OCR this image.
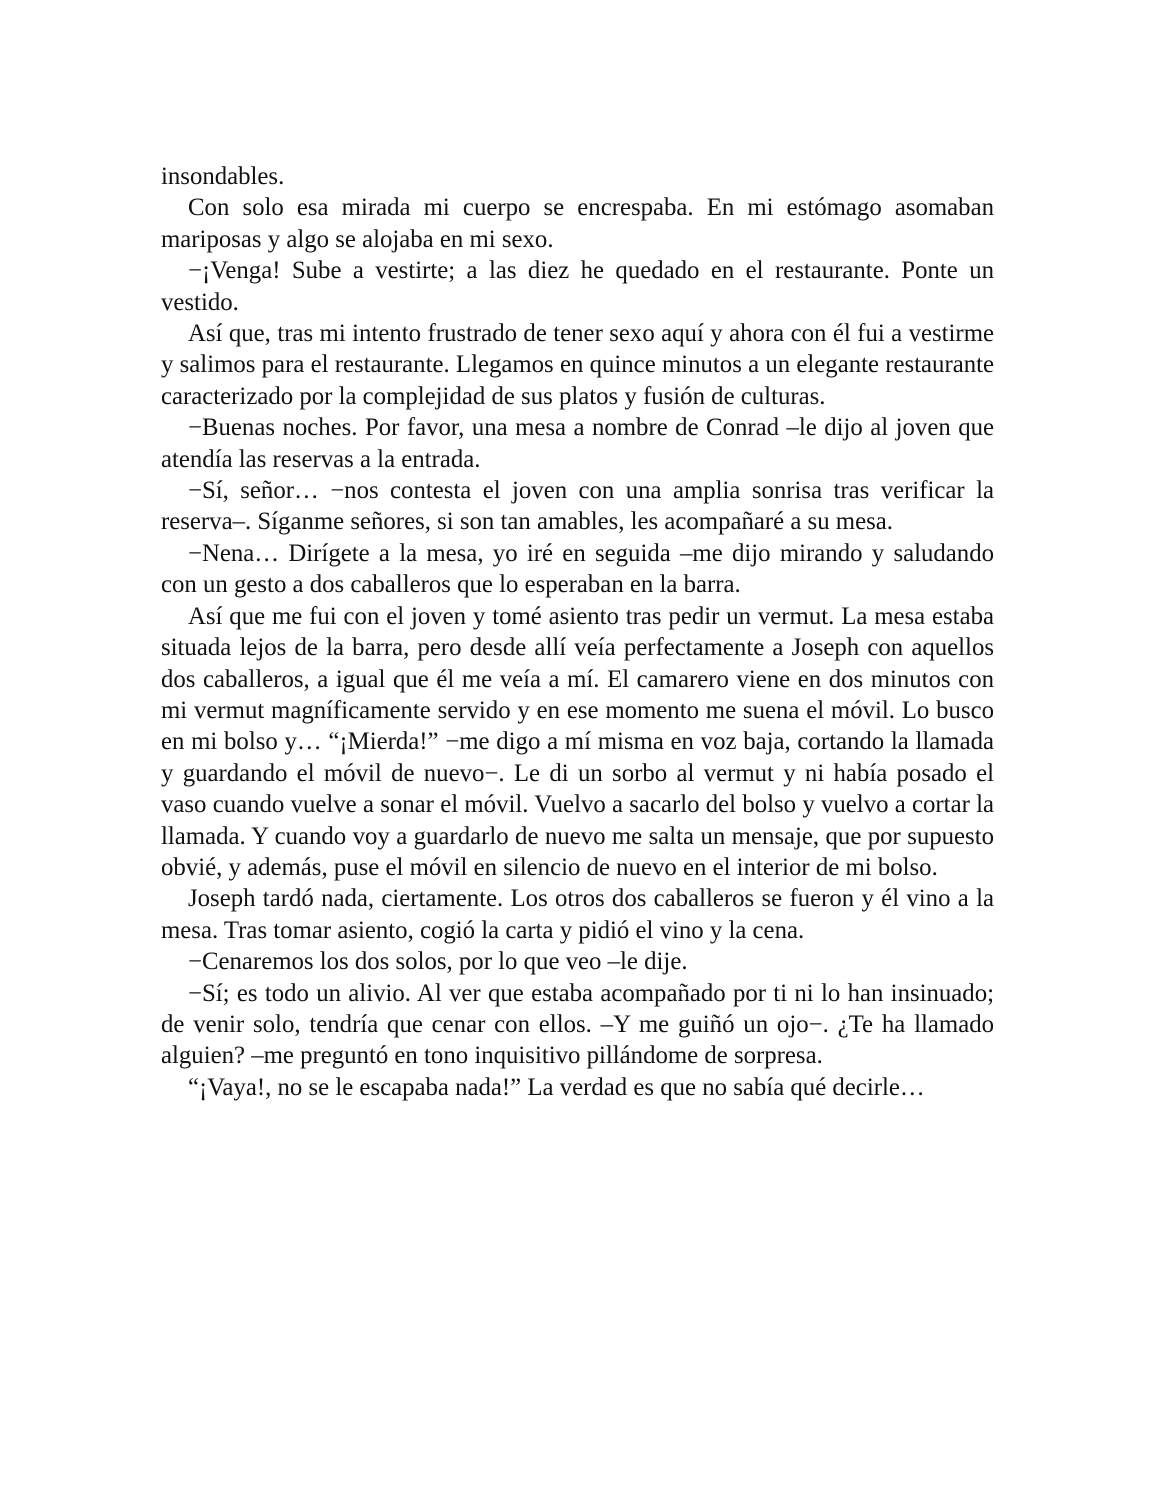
insondables.

Con solo esa mirada mi cuerpo se encrespaba. En mi estómago asomaban mariposas y algo se alojaba en mi sexo.

−¡Venga! Sube a vestirte; a las diez he quedado en el restaurante. Ponte un vestido.

Así que, tras mi intento frustrado de tener sexo aquí y ahora con él fui a vestirme y salimos para el restaurante. Llegamos en quince minutos a un elegante restaurante caracterizado por la complejidad de sus platos y fusión de culturas.

−Buenas noches. Por favor, una mesa a nombre de Conrad –le dijo al joven que atendía las reservas a la entrada.

−Sí, señor… −nos contesta el joven con una amplia sonrisa tras verificar la reserva–. Síganme señores, si son tan amables, les acompañaré a su mesa.

−Nena… Dirígete a la mesa, yo iré en seguida –me dijo mirando y saludando con un gesto a dos caballeros que lo esperaban en la barra.

Así que me fui con el joven y tomé asiento tras pedir un vermut. La mesa estaba situada lejos de la barra, pero desde allí veía perfectamente a Joseph con aquellos dos caballeros, a igual que él me veía a mí. El camarero viene en dos minutos con mi vermut magníficamente servido y en ese momento me suena el móvil. Lo busco en mi bolso y… “¡Mierda!” −me digo a mí misma en voz baja, cortando la llamada y guardando el móvil de nuevo−. Le di un sorbo al vermut y ni había posado el vaso cuando vuelve a sonar el móvil. Vuelvo a sacarlo del bolso y vuelvo a cortar la llamada. Y cuando voy a guardarlo de nuevo me salta un mensaje, que por supuesto obvié, y además, puse el móvil en silencio de nuevo en el interior de mi bolso.

Joseph tardó nada, ciertamente. Los otros dos caballeros se fueron y él vino a la mesa. Tras tomar asiento, cogió la carta y pidió el vino y la cena.

−Cenaremos los dos solos, por lo que veo –le dije.

−Sí; es todo un alivio. Al ver que estaba acompañado por ti ni lo han insinuado; de venir solo, tendría que cenar con ellos. –Y me guiñó un ojo−. ¿Te ha llamado alguien? –me preguntó en tono inquisitivo pillándome de sorpresa.

“¡Vaya!, no se le escapaba nada!” La verdad es que no sabía qué decirle…
